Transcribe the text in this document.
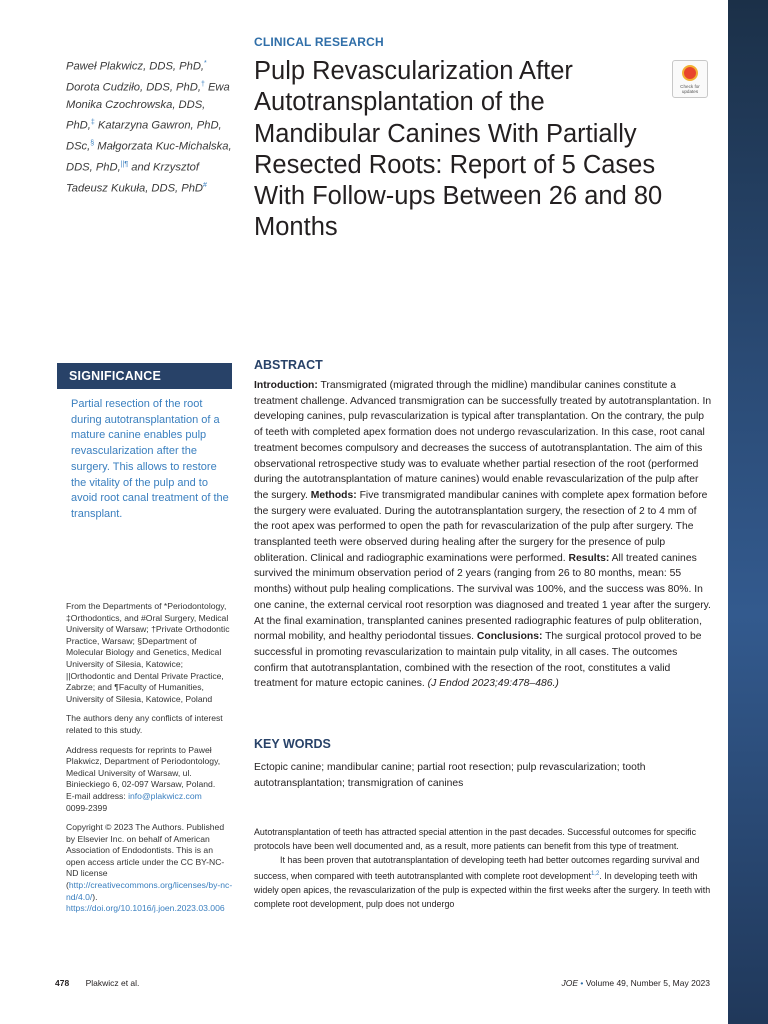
Paweł Plakwicz, DDS, PhD,* Dorota Cudziło, DDS, PhD,† Ewa Monika Czochrowska, DDS, PhD,‡ Katarzyna Gawron, PhD, DSc,§ Małgorzata Kuc-Michalska, DDS, PhD,||¶ and Krzysztof Tadeusz Kukuła, DDS, PhD#
SIGNIFICANCE
Partial resection of the root during autotransplantation of a mature canine enables pulp revascularization after the surgery. This allows to restore the vitality of the pulp and to avoid root canal treatment of the transplant.

From the Departments of *Periodontology, ‡Orthodontics, and #Oral Surgery, Medical University of Warsaw; †Private Orthodontic Practice, Warsaw; §Department of Molecular Biology and Genetics, Medical University of Silesia, Katowice; ||Orthodontic and Dental Private Practice, Zabrze; and ¶Faculty of Humanities, University of Silesia, Katowice, Poland

The authors deny any conflicts of interest related to this study.

Address requests for reprints to Paweł Plakwicz, Department of Periodontology, Medical University of Warsaw, ul. Binieckiego 6, 02-097 Warsaw, Poland.
E-mail address: info@plakwicz.com
0099-2399

Copyright © 2023 The Authors. Published by Elsevier Inc. on behalf of American Association of Endodontists. This is an open access article under the CC BY-NC-ND license (http://creativecommons.org/licenses/by-nc-nd/4.0/).
https://doi.org/10.1016/j.joen.2023.03.006

CLINICAL RESEARCH
Pulp Revascularization After Autotransplantation of the Mandibular Canines With Partially Resected Roots: Report of 5 Cases With Follow-ups Between 26 and 80 Months
Check for updates
ABSTRACT
Introduction: Transmigrated (migrated through the midline) mandibular canines constitute a treatment challenge. Advanced transmigration can be successfully treated by autotransplantation. In developing canines, pulp revascularization is typical after transplantation. On the contrary, the pulp of teeth with completed apex formation does not undergo revascularization. In this case, root canal treatment becomes compulsory and decreases the success of autotransplantation. The aim of this observational retrospective study was to evaluate whether partial resection of the root (performed during the autotransplantation of mature canines) would enable revascularization of the pulp after the surgery. Methods: Five transmigrated mandibular canines with complete apex formation before the surgery were evaluated. During the autotransplantation surgery, the resection of 2 to 4 mm of the root apex was performed to open the path for revascularization of the pulp after surgery. The transplanted teeth were observed during healing after the surgery for the presence of pulp obliteration. Clinical and radiographic examinations were performed. Results: All treated canines survived the minimum observation period of 2 years (ranging from 26 to 80 months, mean: 55 months) without pulp healing complications. The survival was 100%, and the success was 80%. In one canine, the external cervical root resorption was diagnosed and treated 1 year after the surgery. At the final examination, transplanted canines presented radiographic features of pulp obliteration, normal mobility, and healthy periodontal tissues. Conclusions: The surgical protocol proved to be successful in promoting revascularization to maintain pulp vitality, in all cases. The outcomes confirm that autotransplantation, combined with the resection of the root, constitutes a valid treatment for mature ectopic canines. (J Endod 2023;49:478–486.)
KEY WORDS
Ectopic canine; mandibular canine; partial root resection; pulp revascularization; tooth autotransplantation; transmigration of canines

Autotransplantation of teeth has attracted special attention in the past decades. Successful outcomes for specific protocols have been well documented and, as a result, more patients can benefit from this type of treatment.

It has been proven that autotransplantation of developing teeth had better outcomes regarding survival and success, when compared with teeth autotransplanted with complete root development$^{1,2}$. In developing teeth with widely open apices, the revascularization of the pulp is expected within the first weeks after the surgery. In teeth with complete root development, pulp does not undergo

478 Plakwicz et al.	JOE • Volume 49, Number 5, May 2023
